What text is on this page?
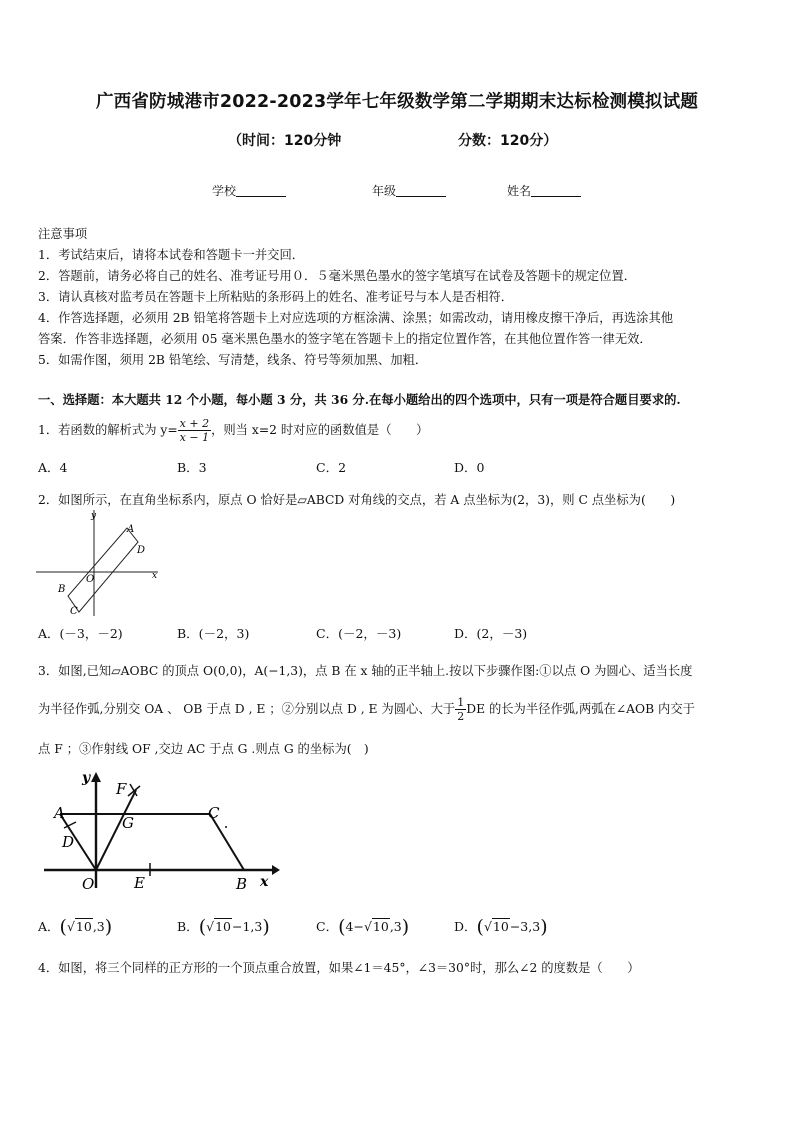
广西省防城港市2022-2023学年七年级数学第二学期期末达标检测模拟试题
（时间：120分钟	分数：120分）
学校	年级	姓名
注意事项
1．考试结束后，请将本试卷和答题卡一并交回．
2．答题前，请务必将自己的姓名、准考证号用０．５毫米黑色墨水的签字笔填写在试卷及答题卡的规定位置．
3．请认真核对监考员在答题卡上所粘贴的条形码上的姓名、准考证号与本人是否相符．
4．作答选择题，必须用 2B 铅笔将答题卡上对应选项的方框涂满、涂黑；如需改动，请用橡皮擦干净后，再选涂其他
答案．作答非选择题，必须用 05 毫米黑色墨水的签字笔在答题卡上的指定位置作答，在其他位置作答一律无效．
5．如需作图，须用 2B 铅笔绘、写清楚，线条、符号等须加黑、加粗．
一、选择题：本大题共 12 个小题，每小题 3 分，共 36 分.在每小题给出的四个选项中，只有一项是符合题目要求的.
1．若函数的解析式为 $y= \frac{x + 2}{x - 1}$ ，则当 x=2 时对应的函数值是（　　）
A．4	B．3	C．2	D．0
2．如图所示，在直角坐标系内，原点 O 恰好是▱ABCD 对角线的交点，若 A 点坐标为(2，3)，则 C 点坐标为(　　)
y
x
O
A
B
C
D
A．(－3，－2)	B．(－2，3)	C．(－2，－3)	D．(2，－3)
3．如图,已知▱AOBC 的顶点 O(0,0)，A(−1,3)，点 B 在 x 轴的正半轴上.按以下步骤作图:①以点 O 为圆心、适当长度
为半径作弧,分别交 OA 、 OB 于点 D , E ；②分别以点 D , E 为圆心、大于 $\frac{1}{2}$ DE 的长为半径作弧,两弧在∠AOB 内交于
点 F ；③作射线 OF ,交边 AC 于点 G .则点 G 的坐标为(　)
y
x
O
A	C
D
E
F
G
B
A．(√10,3)	B．(√10−1,3)	C．(4−√10,3)	D．(√10−3,3)
4．如图，将三个同样的正方形的一个顶点重合放置，如果∠1＝45°，∠3＝30°时，那么∠2 的度数是（　　）
